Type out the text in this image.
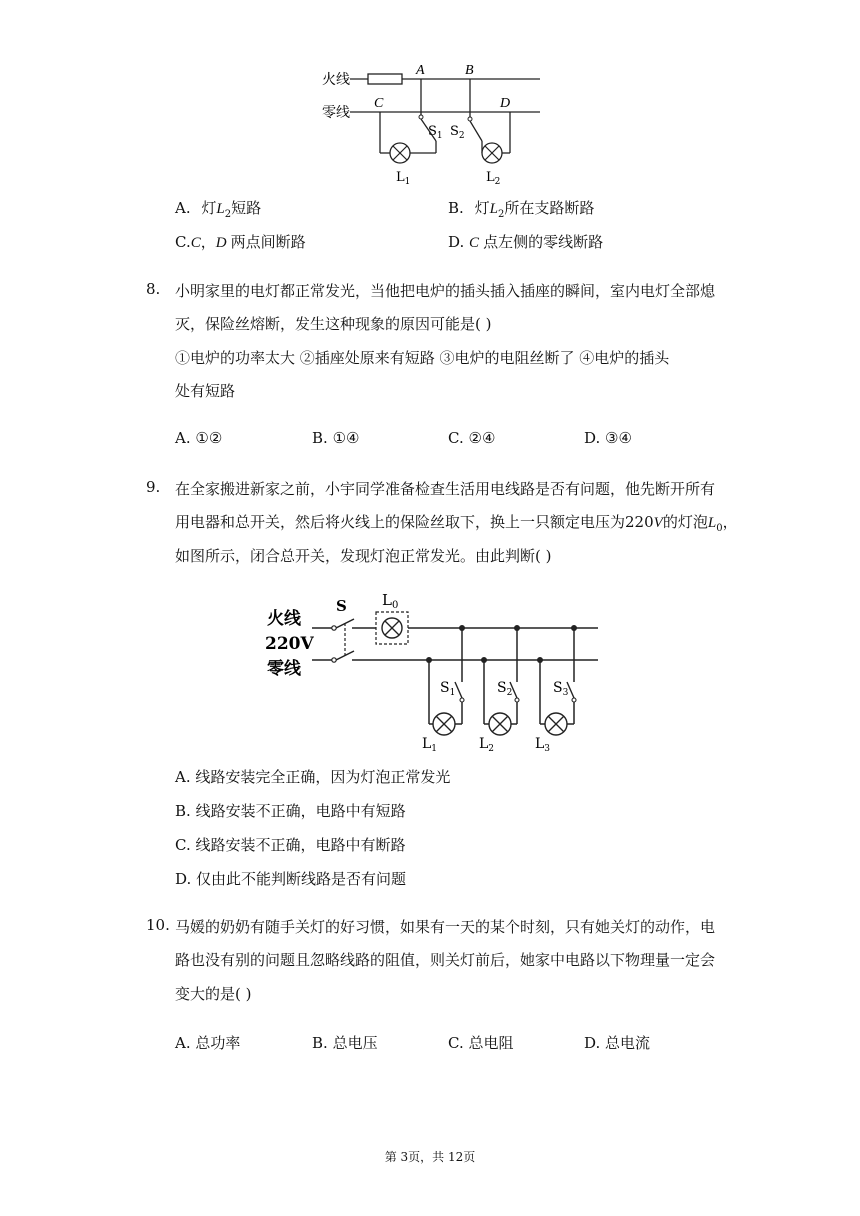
火线
零线
A	B
C	D
$S_1$
$L_1$
$S_2$
$L_2$
A. 灯$L_2$短路	B. 灯$L_2$所在支路断路
C.C，D 两点间断路	D. C 点左侧的零线断路
8. 小明家里的电灯都正常发光，当他把电炉的插头插入插座的瞬间，室内电灯全部熄
灭，保险丝熔断，发生这种现象的原因可能是( )
①电炉的功率太大 ②插座处原来有短路 ③电炉的电阻丝断了 ④电炉的插头
处有短路
A. ①②	B. ①④	C. ②④	D. ③④
9. 在全家搬进新家之前，小宇同学准备检查生活用电线路是否有问题，他先断开所有
用电器和总开关，然后将火线上的保险丝取下，换上一只额定电压为220V的灯泡$L_0$，
如图所示，闭合总开关，发现灯泡正常发光。由此判断( )
火线
220V
零线
S $L_0$
$S_1$
$L_1$
$S_2$
$L_2$
$S_3$
$L_3$
A. 线路安装完全正确，因为灯泡正常发光
B. 线路安装不正确，电路中有短路
C. 线路安装不正确，电路中有断路
D. 仅由此不能判断线路是否有问题
10. 马媛的奶奶有随手关灯的好习惯，如果有一天的某个时刻，只有她关灯的动作，电
路也没有别的问题且忽略线路的阻值，则关灯前后，她家中电路以下物理量一定会
变大的是( )
A. 总功率	B. 总电压	C. 总电阻	D. 总电流
第 3页，共 12页
